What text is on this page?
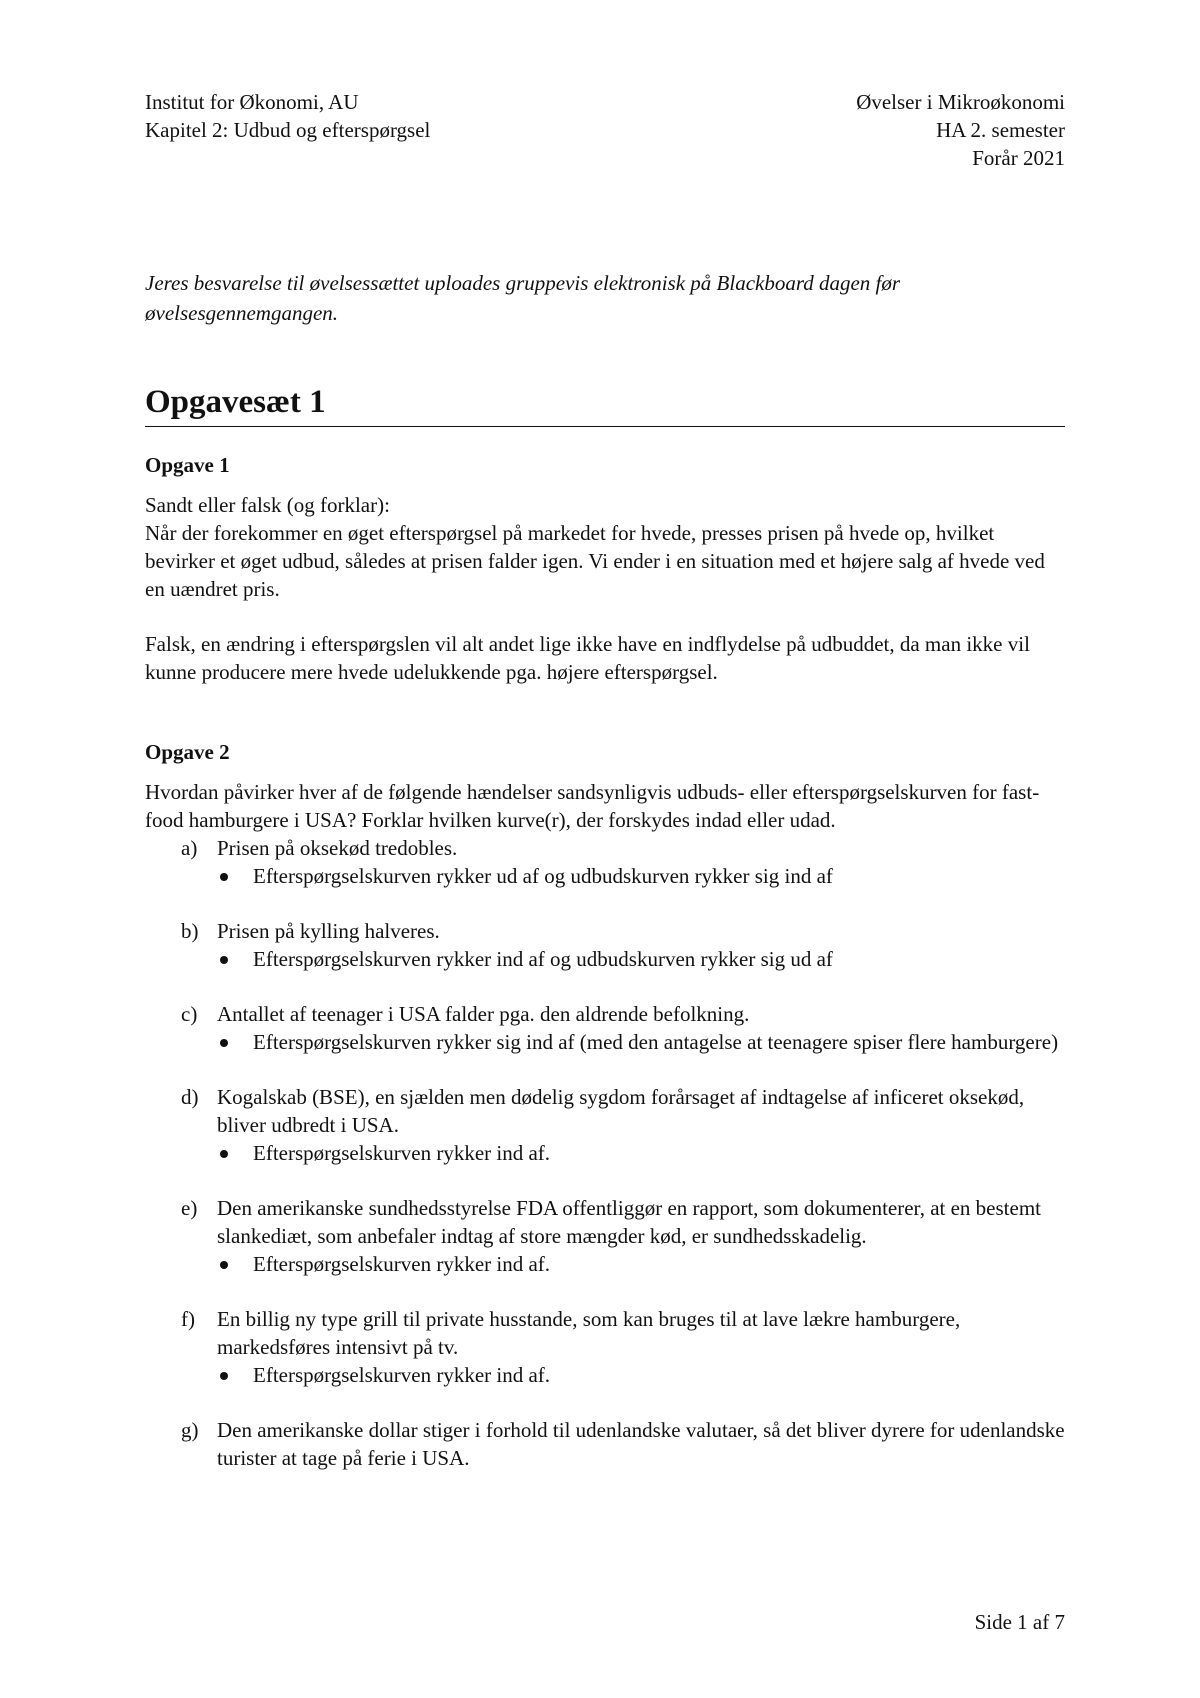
Institut for Økonomi, AU
Kapitel 2: Udbud og efterspørgsel
Øvelser i Mikroøkonomi
HA 2. semester
Forår 2021
Jeres besvarelse til øvelsessættet uploades gruppevis elektronisk på Blackboard dagen før øvelsesgennemgangen.
Opgavesæt 1
Opgave 1
Sandt eller falsk (og forklar):
Når der forekommer en øget efterspørgsel på markedet for hvede, presses prisen på hvede op, hvilket bevirker et øget udbud, således at prisen falder igen. Vi ender i en situation med et højere salg af hvede ved en uændret pris.
Falsk, en ændring i efterspørgslen vil alt andet lige ikke have en indflydelse på udbuddet, da man ikke vil kunne producere mere hvede udelukkende pga. højere efterspørgsel.
Opgave 2
Hvordan påvirker hver af de følgende hændelser sandsynligvis udbuds- eller efterspørgselskurven for fast-food hamburgere i USA? Forklar hvilken kurve(r), der forskydes indad eller udad.
a) Prisen på oksekød tredobles.
Efterspørgselskurven rykker ud af og udbudskurven rykker sig ind af
b) Prisen på kylling halveres.
Efterspørgselskurven rykker ind af og udbudskurven rykker sig ud af
c) Antallet af teenager i USA falder pga. den aldrende befolkning.
Efterspørgselskurven rykker sig ind af (med den antagelse at teenagere spiser flere hamburgere)
d) Kogalskab (BSE), en sjælden men dødelig sygdom forårsaget af indtagelse af inficeret oksekød, bliver udbredt i USA.
Efterspørgselskurven rykker ind af.
e) Den amerikanske sundhedsstyrelse FDA offentliggør en rapport, som dokumenterer, at en bestemt slankediæt, som anbefaler indtag af store mængder kød, er sundhedsskadelig.
Efterspørgselskurven rykker ind af.
f) En billig ny type grill til private husstande, som kan bruges til at lave lækre hamburgere, markedsføres intensivt på tv.
Efterspørgselskurven rykker ind af.
g) Den amerikanske dollar stiger i forhold til udenlandske valutaer, så det bliver dyrere for udenlandske turister at tage på ferie i USA.
Side 1 af 7
